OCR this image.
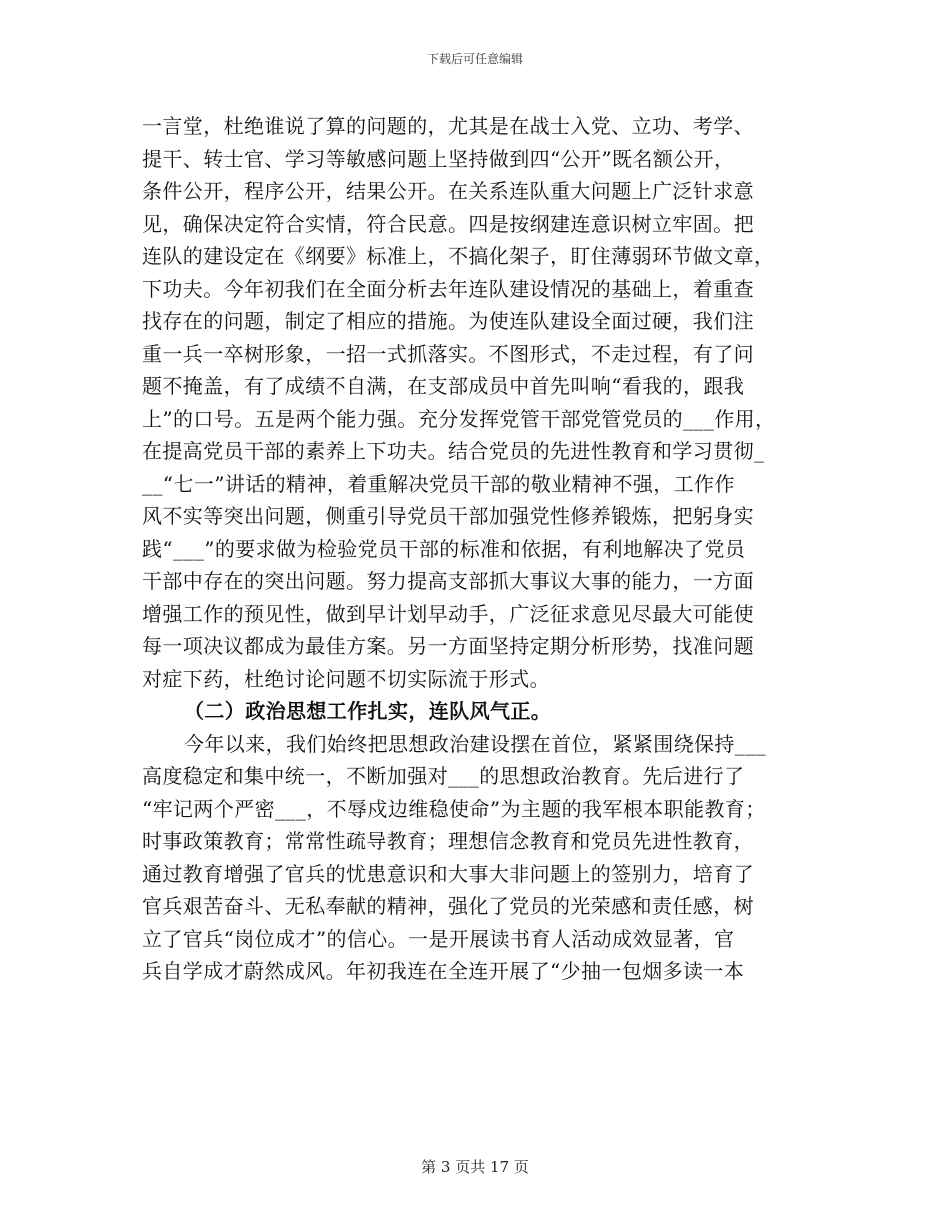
下载后可任意编辑
一言堂，杜绝谁说了算的问题的，尤其是在战士入党、立功、考学、
提干、转士官、学习等敏感问题上坚持做到四“公开”既名额公开，
条件公开，程序公开，结果公开。在关系连队重大问题上广泛针求意
见，确保决定符合实情，符合民意。四是按纲建连意识树立牢固。把
连队的建设定在《纲要》标准上，不搞化架子，盯住薄弱环节做文章，
下功夫。今年初我们在全面分析去年连队建设情况的基础上，着重查
找存在的问题，制定了相应的措施。为使连队建设全面过硬，我们注
重一兵一卒树形象，一招一式抓落实。不图形式，不走过程，有了问
题不掩盖，有了成绩不自满，在支部成员中首先叫响“看我的，跟我
上”的口号。五是两个能力强。充分发挥党管干部党管党员的___作用，
在提高党员干部的素养上下功夫。结合党员的先进性教育和学习贯彻_
__“七一”讲话的精神，着重解决党员干部的敬业精神不强，工作作
风不实等突出问题，侧重引导党员干部加强党性修养锻炼，把躬身实
践“___”的要求做为检验党员干部的标准和依据，有利地解决了党员
干部中存在的突出问题。努力提高支部抓大事议大事的能力，一方面
增强工作的预见性，做到早计划早动手，广泛征求意见尽最大可能使
每一项决议都成为最佳方案。另一方面坚持定期分析形势，找准问题
对症下药，杜绝讨论问题不切实际流于形式。
（二）政治思想工作扎实，连队风气正。
今年以来，我们始终把思想政治建设摆在首位，紧紧围绕保持___
高度稳定和集中统一，不断加强对___的思想政治教育。先后进行了
“牢记两个严密___，不辱戍边维稳使命”为主题的我军根本职能教育；
时事政策教育；常常性疏导教育；理想信念教育和党员先进性教育，
通过教育增强了官兵的忧患意识和大事大非问题上的签别力，培育了
官兵艰苦奋斗、无私奉献的精神，强化了党员的光荣感和责任感，树
立了官兵“岗位成才”的信心。一是开展读书育人活动成效显著，官
兵自学成才蔚然成风。年初我连在全连开展了“少抽一包烟多读一本
第 3 页共 17 页
